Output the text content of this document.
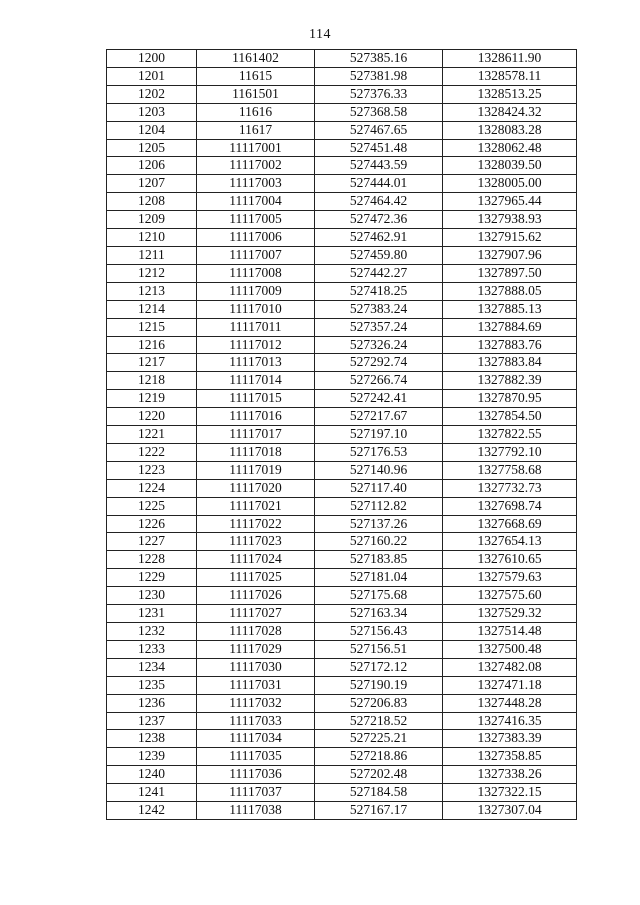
114
1200	1161402	527385.16	1328611.90
1201	11615	527381.98	1328578.11
1202	1161501	527376.33	1328513.25
1203	11616	527368.58	1328424.32
1204	11617	527467.65	1328083.28
1205	11117001	527451.48	1328062.48
1206	11117002	527443.59	1328039.50
1207	11117003	527444.01	1328005.00
1208	11117004	527464.42	1327965.44
1209	11117005	527472.36	1327938.93
1210	11117006	527462.91	1327915.62
1211	11117007	527459.80	1327907.96
1212	11117008	527442.27	1327897.50
1213	11117009	527418.25	1327888.05
1214	11117010	527383.24	1327885.13
1215	11117011	527357.24	1327884.69
1216	11117012	527326.24	1327883.76
1217	11117013	527292.74	1327883.84
1218	11117014	527266.74	1327882.39
1219	11117015	527242.41	1327870.95
1220	11117016	527217.67	1327854.50
1221	11117017	527197.10	1327822.55
1222	11117018	527176.53	1327792.10
1223	11117019	527140.96	1327758.68
1224	11117020	527117.40	1327732.73
1225	11117021	527112.82	1327698.74
1226	11117022	527137.26	1327668.69
1227	11117023	527160.22	1327654.13
1228	11117024	527183.85	1327610.65
1229	11117025	527181.04	1327579.63
1230	11117026	527175.68	1327575.60
1231	11117027	527163.34	1327529.32
1232	11117028	527156.43	1327514.48
1233	11117029	527156.51	1327500.48
1234	11117030	527172.12	1327482.08
1235	11117031	527190.19	1327471.18
1236	11117032	527206.83	1327448.28
1237	11117033	527218.52	1327416.35
1238	11117034	527225.21	1327383.39
1239	11117035	527218.86	1327358.85
1240	11117036	527202.48	1327338.26
1241	11117037	527184.58	1327322.15
1242	11117038	527167.17	1327307.04
